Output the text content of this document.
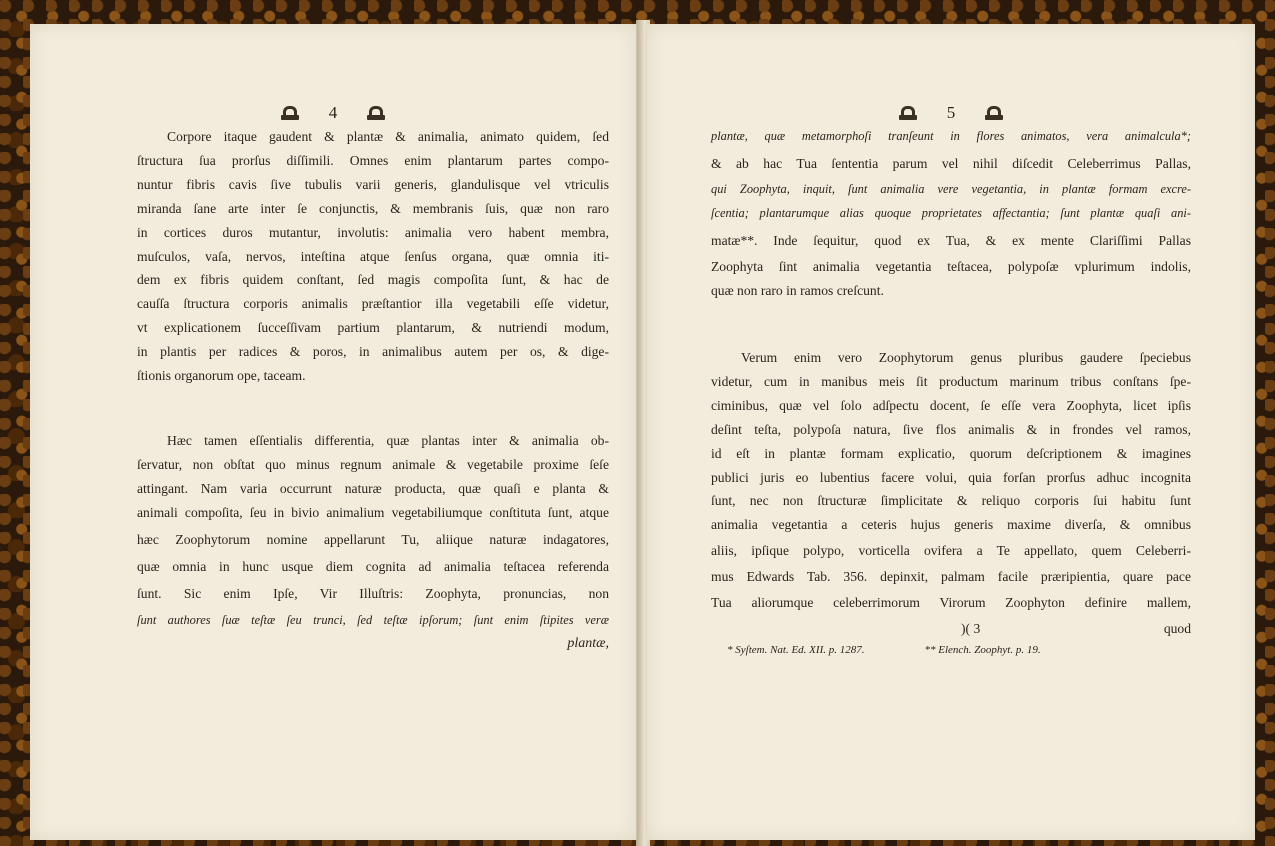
4
Corpore itaque gaudent & plantæ & animalia, animato quidem, ſed
ſtructura ſua prorſus diſſimili. Omnes enim plantarum partes compo-
nuntur fibris cavis ſive tubulis varii generis, glandulisque vel vtriculis
miranda ſane arte inter ſe conjunctis, & membranis ſuis, quæ non raro
in cortices duros mutantur, involutis: animalia vero habent membra,
muſculos, vaſa, nervos, inteſtina atque ſenſus organa, quæ omnia iti-
dem ex fibris quidem conſtant, ſed magis compoſita ſunt, & hac de
cauſſa ſtructura corporis animalis præſtantior illa vegetabili eſſe videtur,
vt explicationem ſucceſſivam partium plantarum, & nutriendi modum,
in plantis per radices & poros, in animalibus autem per os, & dige-
ſtionis organorum ope, taceam.
Hæc tamen eſſentialis differentia, quæ plantas inter & animalia ob-
ſervatur, non obſtat quo minus regnum animale & vegetabile proxime ſeſe
attingant. Nam varia occurrunt naturæ producta, quæ quaſi e planta &
animali compoſita, ſeu in bivio animalium vegetabiliumque conſtituta ſunt, atque
hæc Zoophytorum nomine appellarunt Tu, aliique naturæ indagatores,
quæ omnia in hunc usque diem cognita ad animalia teſtacea referenda
ſunt. Sic enim Ipſe, Vir Illuſtris: Zoophyta, pronuncias, non
ſunt authores ſuæ teſtæ ſeu trunci, ſed teſtæ ipſorum; ſunt enim ſtipites veræ
plantæ,
5
plantæ, quæ metamorphoſi tranſeunt in flores animatos, vera animalcula*;
& ab hac Tua ſententia parum vel nihil diſcedit Celeberrimus Pallas,
qui Zoophyta, inquit, ſunt animalia vere vegetantia, in plantæ formam excre-
ſcentia; plantarumque alias quoque proprietates affectantia; ſunt plantæ quaſi ani-
matæ**. Inde ſequitur, quod ex Tua, & ex mente Clariſſimi Pallas
Zoophyta ſint animalia vegetantia teſtacea, polypoſæ vplurimum indolis,
quæ non raro in ramos creſcunt.
Verum enim vero Zoophytorum genus pluribus gaudere ſpeciebus
videtur, cum in manibus meis ſit productum marinum tribus conſtans ſpe-
ciminibus, quæ vel ſolo adſpectu docent, ſe eſſe vera Zoophyta, licet ipſis
deſint teſta, polypoſa natura, ſive flos animalis & in frondes vel ramos,
id eſt in plantæ formam explicatio, quorum deſcriptionem & imagines
publici juris eo lubentius facere volui, quia forſan prorſus adhuc incognita
ſunt, nec non ſtructuræ ſimplicitate & reliquo corporis ſui habitu ſunt
animalia vegetantia a ceteris hujus generis maxime diverſa, & omnibus
aliis, ipſique polypo, vorticella ovifera a Te appellato, quem Celeberri-
mus Edwards Tab. 356. depinxit, palmam facile præripientia, quare pace
Tua aliorumque celeberrimorum Virorum Zoophyton definire mallem,
)( 3	quod
* Syſtem. Nat. Ed. XII. p. 1287.	** Elench. Zoophyt. p. 19.
